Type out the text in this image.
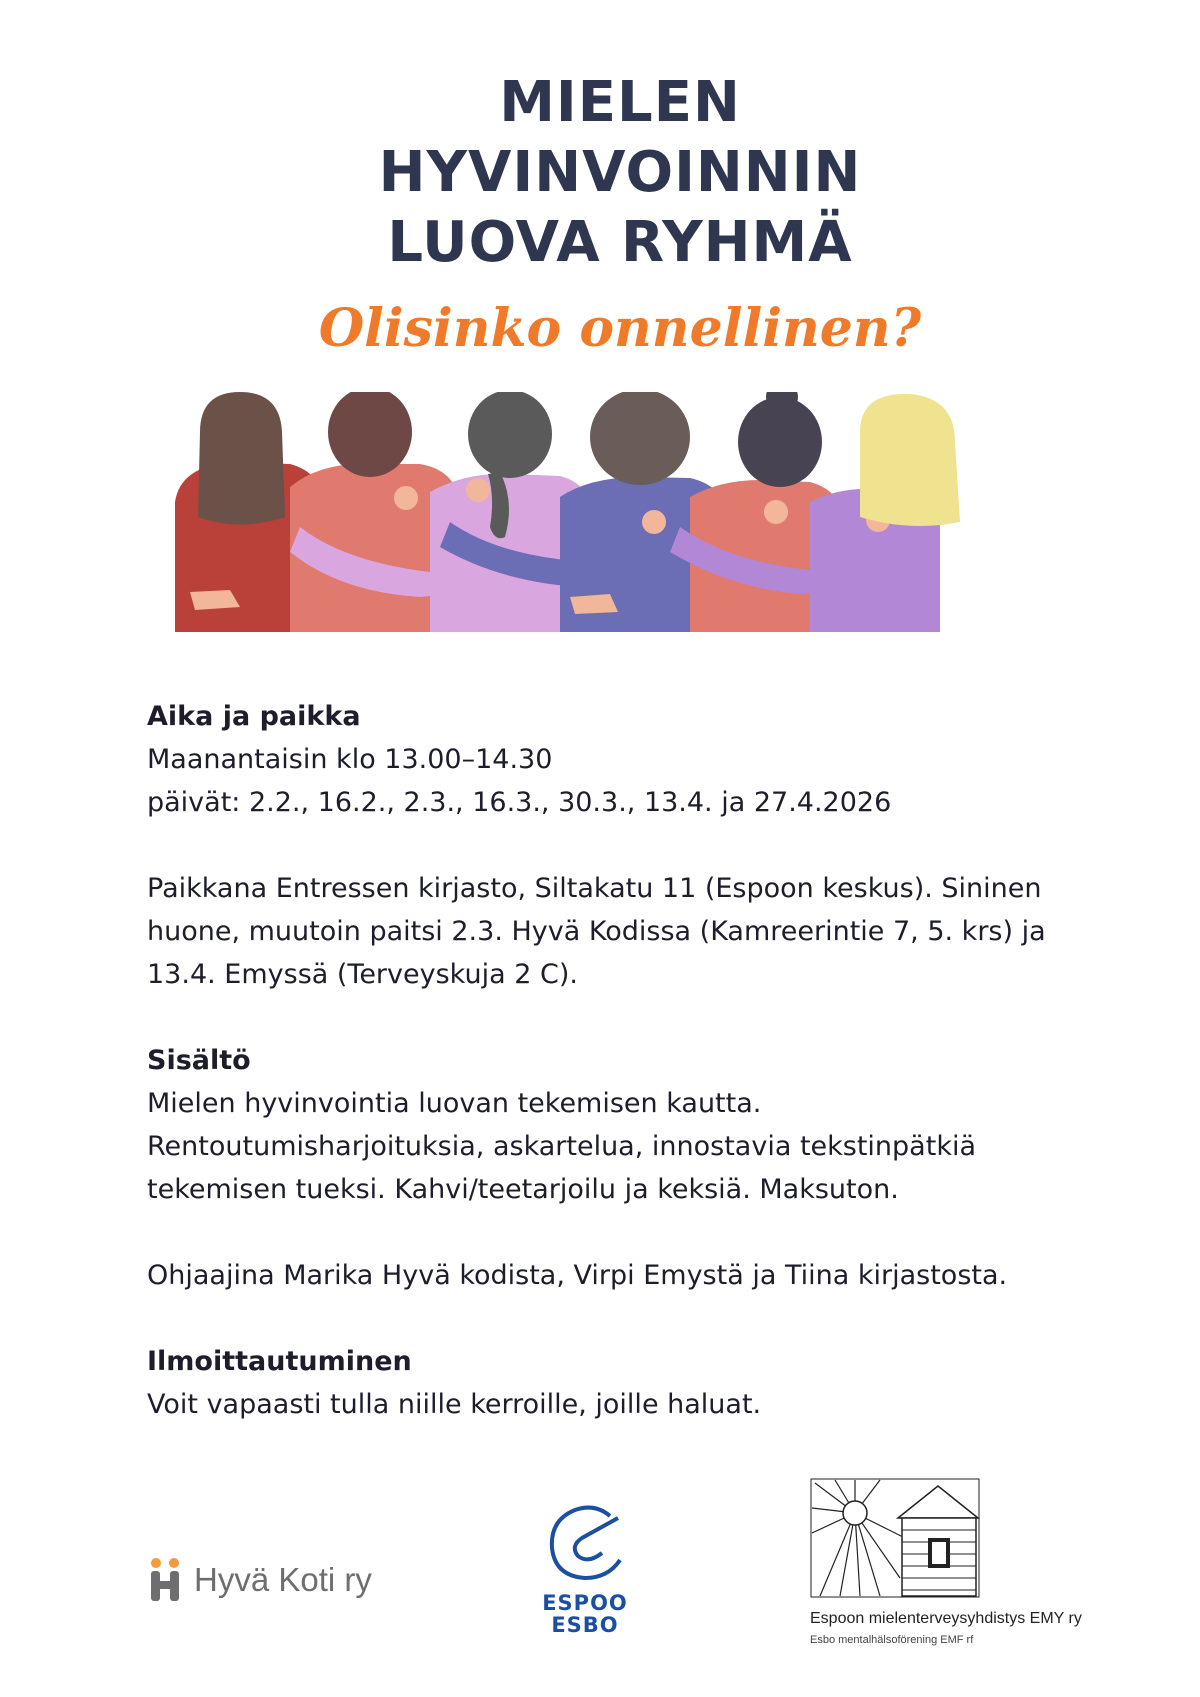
MIELEN
HYVINVOINNIN
LUOVA RYHMÄ
Olisinko onnellinen?

Aika ja paikka

Maanantaisin klo 13.00–14.30

päivät: 2.2., 16.2., 2.3., 16.3., 30.3., 13.4. ja 27.4.2026

Paikkana Entressen kirjasto, Siltakatu 11 (Espoon keskus). Sininen

huone, muutoin paitsi 2.3. Hyvä Kodissa (Kamreerintie 7, 5. krs) ja

13.4. Emyssä (Terveyskuja 2 C).

Sisältö

Mielen hyvinvointia luovan tekemisen kautta.

Rentoutumisharjoituksia, askartelua, innostavia tekstinpätkiä

tekemisen tueksi. Kahvi/teetarjoilu ja keksiä. Maksuton.

Ohjaajina Marika Hyvä kodista, Virpi Emystä ja Tiina kirjastosta.

Ilmoittautuminen

Voit vapaasti tulla niille kerroille, joille haluat.

Hyvä Koti ry
ESPOO
ESBO	Espoon mielenterveysyhdistys EMY ry
Esbo mentalhälsoförening EMF rf
